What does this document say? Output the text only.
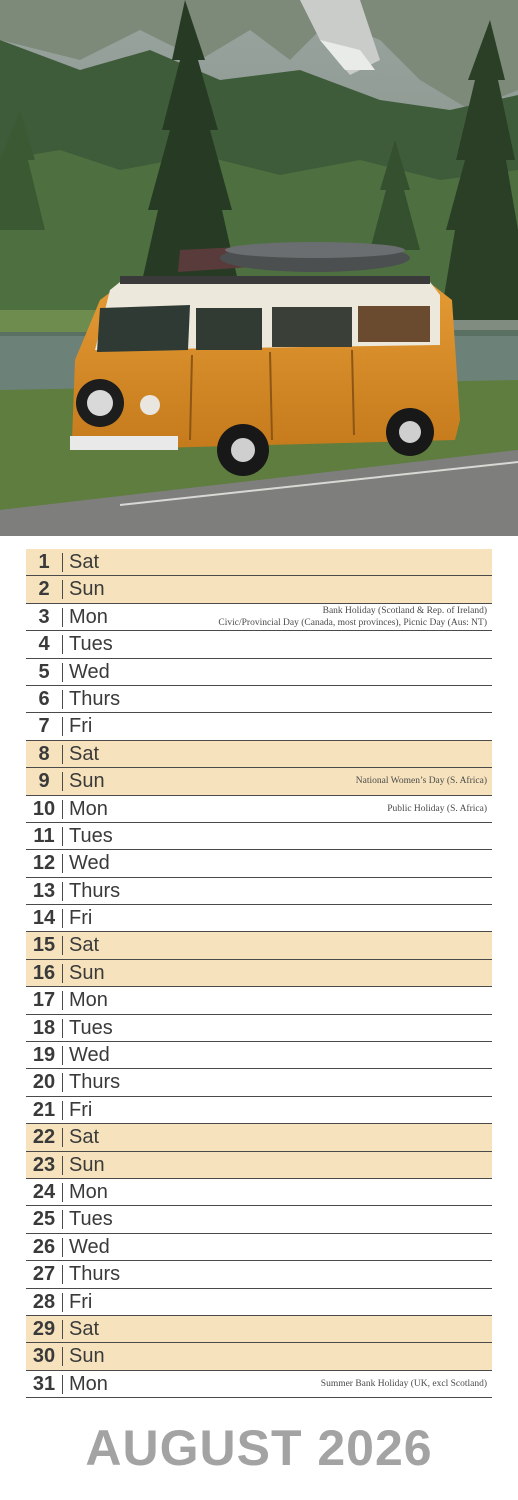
1 Sat
2 Sun
3 Mon	Bank Holiday (Scotland & Rep. of Ireland)
Civic/Provincial Day (Canada, most provinces), Picnic Day (Aus: NT)
4 Tues
5 Wed
6 Thurs
7 Fri
8 Sat
9 Sun	National Women’s Day (S. Africa)
10 Mon	Public Holiday (S. Africa)
11 Tues
12 Wed
13 Thurs
14 Fri
15 Sat
16 Sun
17 Mon
18 Tues
19 Wed
20 Thurs
21 Fri
22 Sat
23 Sun
24 Mon
25 Tues
26 Wed
27 Thurs
28 Fri
29 Sat
30 Sun
31 Mon	Summer Bank Holiday (UK, excl Scotland)
AUGUST 2026
